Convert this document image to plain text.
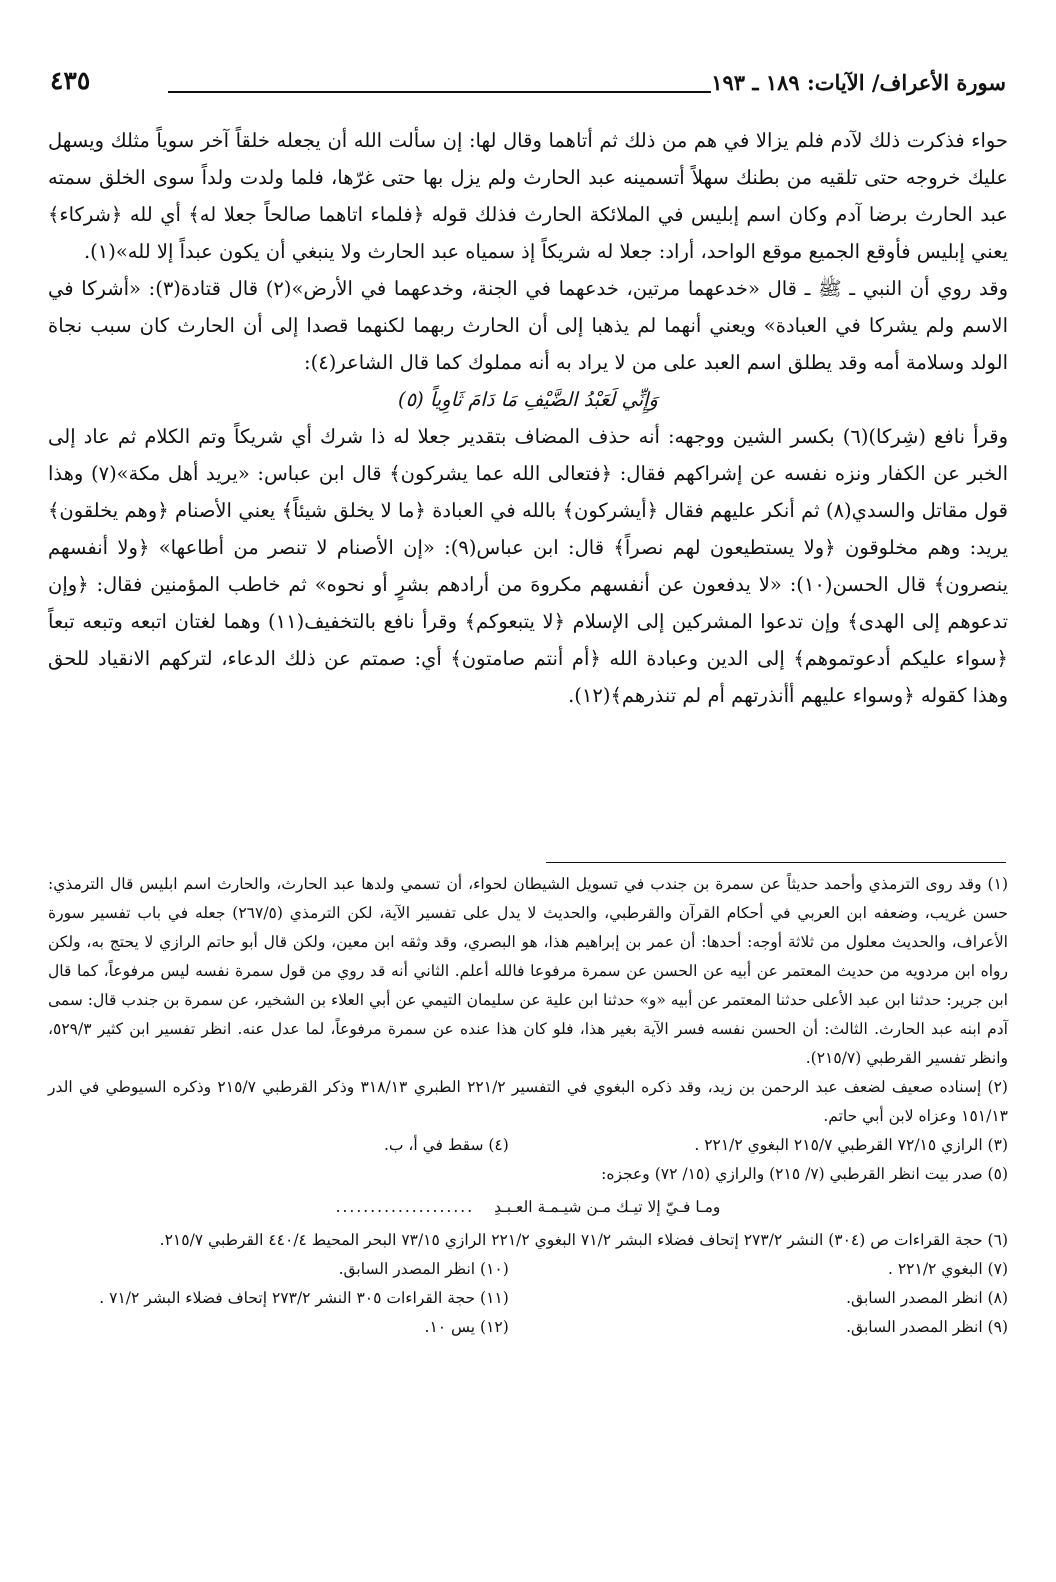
سورة الأعراف/ الآيات: ١٨٩ ـ ١٩٣
٤٣٥

حواء فذكرت ذلك لآدم فلم يزالا في هم من ذلك ثم أتاهما وقال لها: إن سألت الله أن يجعله خلقاً آخر سوياً مثلك ويسهل عليك خروجه حتى تلقيه من بطنك سهلاً أتسمينه عبد الحارث ولم يزل بها حتى غرّها، فلما ولدت ولداً سوى الخلق سمته عبد الحارث برضا آدم وكان اسم إبليس في الملائكة الحارث فذلك قوله ﴿فلماء اتاهما صالحاً جعلا له﴾ أي لله ﴿شركاء﴾ يعني إبليس فأوقع الجميع موقع الواحد، أراد: جعلا له شريكاً إذ سمياه عبد الحارث ولا ينبغي أن يكون عبداً إلا لله»(١).

وقد روي أن النبي ـ ﷺ ـ قال «خدعهما مرتين، خدعهما في الجنة، وخدعهما في الأرض»(٢) قال قتادة(٣): «أشركا في الاسم ولم يشركا في العبادة» ويعني أنهما لم يذهبا إلى أن الحارث ربهما لكنهما قصدا إلى أن الحارث كان سبب نجاة الولد وسلامة أمه وقد يطلق اسم العبد على من لا يراد به أنه مملوك كما قال الشاعر(٤):

وَإِنِّي لَعَبْدُ الضَّيْفِ مَا دَامَ ثَاوِياً (٥)

وقرأ نافع (شِركا)(٦) بكسر الشين ووجهه: أنه حذف المضاف بتقدير جعلا له ذا شرك أي شريكاً وتم الكلام ثم عاد إلى الخبر عن الكفار ونزه نفسه عن إشراكهم فقال: ﴿فتعالى الله عما يشركون﴾ قال ابن عباس: «يريد أهل مكة»(٧) وهذا قول مقاتل والسدي(٨) ثم أنكر عليهم فقال ﴿أيشركون﴾ بالله في العبادة ﴿ما لا يخلق شيئاً﴾ يعني الأصنام ﴿وهم يخلقون﴾ يريد: وهم مخلوقون ﴿ولا يستطيعون لهم نصراً﴾ قال: ابن عباس(٩): «إن الأصنام لا تنصر من أطاعها» ﴿ولا أنفسهم ينصرون﴾ قال الحسن(١٠): «لا يدفعون عن أنفسهم مكروهَ من أرادهم بشرٍ أو نحوه» ثم خاطب المؤمنين فقال: ﴿وإن تدعوهم إلى الهدى﴾ وإن تدعوا المشركين إلى الإسلام ﴿لا يتبعوكم﴾ وقرأ نافع بالتخفيف(١١) وهما لغتان اتبعه وتبعه تبعاً ﴿سواء عليكم أدعوتموهم﴾ إلى الدين وعبادة الله ﴿أم أنتم صامتون﴾ أي: صمتم عن ذلك الدعاء، لتركهم الانقياد للحق وهذا كقوله ﴿وسواء عليهم أأنذرتهم أم لم تنذرهم﴾(١٢).

(١) وقد روى الترمذي وأحمد حديثاً عن سمرة بن جندب في تسويل الشيطان لحواء، أن تسمي ولدها عبد الحارث، والحارث اسم ابليس قال الترمذي: حسن غريب، وضعفه ابن العربي في أحكام القرآن والقرطبي، والحديث لا يدل على تفسير الآية، لكن الترمذي (٢٦٧/٥) جعله في باب تفسير سورة الأعراف، والحديث معلول من ثلاثة أوجه: أحدها: أن عمر بن إبراهيم هذا، هو البصري، وقد وثقه ابن معين، ولكن قال أبو حاتم الرازي لا يحتج به، ولكن رواه ابن مردويه من حديث المعتمر عن أبيه عن الحسن عن سمرة مرفوعا فالله أعلم. الثاني أنه قد روي من قول سمرة نفسه ليس مرفوعاً، كما قال ابن جرير: حدثنا ابن عبد الأعلى حدثنا المعتمر عن أبيه «و» حدثنا ابن علية عن سليمان التيمي عن أبي العلاء بن الشخير، عن سمرة بن جندب قال: سمى آدم ابنه عبد الحارث. الثالث: أن الحسن نفسه فسر الآية بغير هذا، فلو كان هذا عنده عن سمرة مرفوعاً، لما عدل عنه. انظر تفسير ابن كثير ٥٢٩/٣، وانظر تفسير القرطبي (٢١٥/٧).

(٢) إسناده صعيف لضعف عبد الرحمن بن زيد، وقد ذكره البغوي في التفسير ٢٢١/٢ الطبري ٣١٨/١٣ وذكر القرطبي ٢١٥/٧ وذكره السيوطي في الدر ١٥١/١٣ وعزاه لابن أبي حاتم.

(٣) الرازي ٧٢/١٥ القرطبي ٢١٥/٧ البغوي ٢٢١/٢ .
(٤) سقط في أ، ب.

(٥) صدر بيت انظر القرطبي (٧/ ٢١٥) والرازي (١٥/ ٧٢) وعجزه:

ومـا فـيّ إلا تيـك مـن شيـمـة العـبـدِ
....................

(٦) حجة القراءات ص (٣٠٤) النشر ٢٧٣/٢ إتحاف فضلاء البشر ٧١/٢ البغوي ٢٢١/٢ الرازي ٧٣/١٥ البحر المحيط ٤٤٠/٤ القرطبي ٢١٥/٧.

(٧) البغوي ٢٢١/٢ .
(١٠) انظر المصدر السابق.
(٨) انظر المصدر السابق.
(١١) حجة القراءات ٣٠٥ النشر ٢٧٣/٢ إتحاف فضلاء البشر ٧١/٢ .
(٩) انظر المصدر السابق.
(١٢) يس ١٠.
